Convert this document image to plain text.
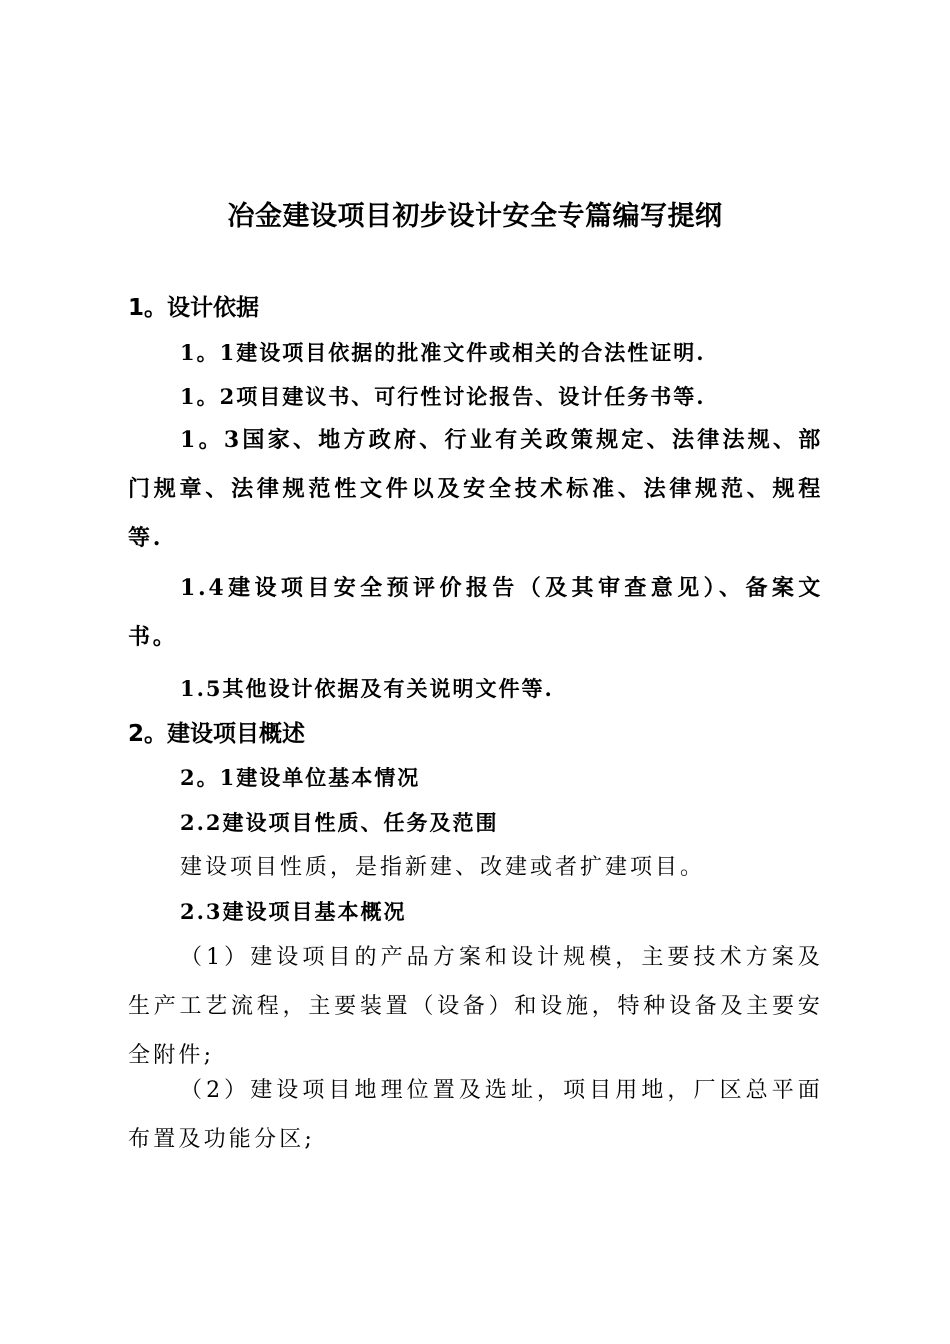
冶金建设项目初步设计安全专篇编写提纲
1。设计依据
1。1建设项目依据的批准文件或相关的合法性证明.
1。2项目建议书、可行性讨论报告、设计任务书等.
1。3国家、地方政府、行业有关政策规定、法律法规、部门规章、法律规范性文件以及安全技术标准、法律规范、规程等.
1.4建设项目安全预评价报告（及其审查意见）、备案文书。
1.5其他设计依据及有关说明文件等.
2。建设项目概述
2。1建设单位基本情况
2.2建设项目性质、任务及范围
建设项目性质，是指新建、改建或者扩建项目。
2.3建设项目基本概况
（1）建设项目的产品方案和设计规模，主要技术方案及生产工艺流程，主要装置（设备）和设施，特种设备及主要安全附件;
（2）建设项目地理位置及选址，项目用地，厂区总平面布置及功能分区;
